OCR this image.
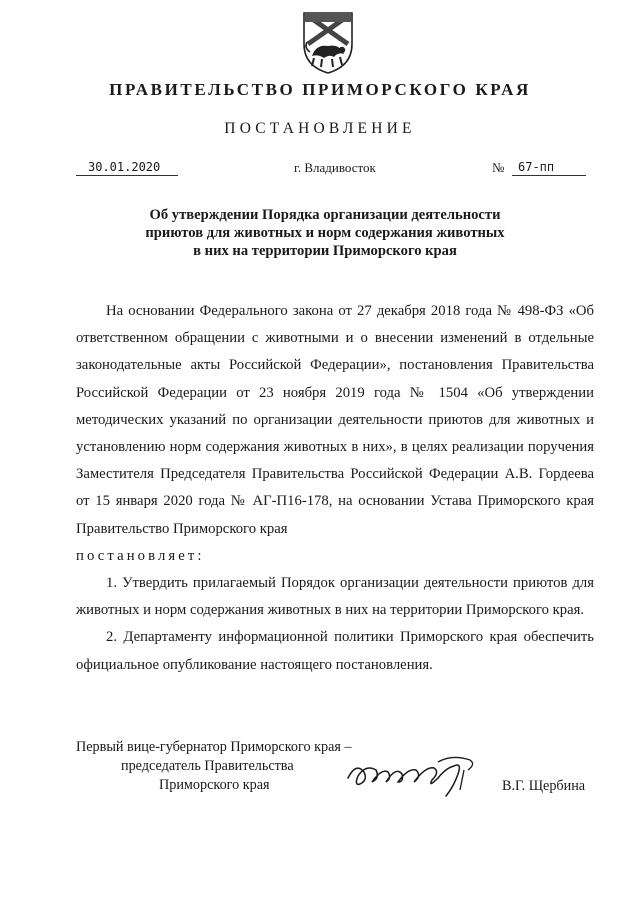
ПРАВИТЕЛЬСТВО ПРИМОРСКОГО КРАЯ
ПОСТАНОВЛЕНИЕ
30.01.2020	г. Владивосток	№	67-пп
Об утверждении Порядка организации деятельности
приютов для животных и норм содержания животных
в них на территории Приморского края

На основании Федерального закона от 27 декабря 2018 года № 498-ФЗ «Об ответственном обращении с животными и о внесении изменений в отдельные законодательные акты Российской Федерации», постановления Правительства Российской Федерации от 23 ноября 2019 года № 1504 «Об утверждении методических указаний по организации деятельности приютов для животных и установлению норм содержания животных в них», в целях реализации поручения Заместителя Председателя Правительства Российской Федерации А.В. Гордеева от 15 января 2020 года № АГ-П16-178, на основании Устава Приморского края Правительство Приморского края

постановляет:

1. Утвердить прилагаемый Порядок организации деятельности приютов для животных и норм содержания животных в них на территории Приморского края.

2. Департаменту информационной политики Приморского края обеспечить официальное опубликование настоящего постановления.

Первый вице-губернатор Приморского края –
председатель Правительства
Приморского края	В.Г. Щербина
